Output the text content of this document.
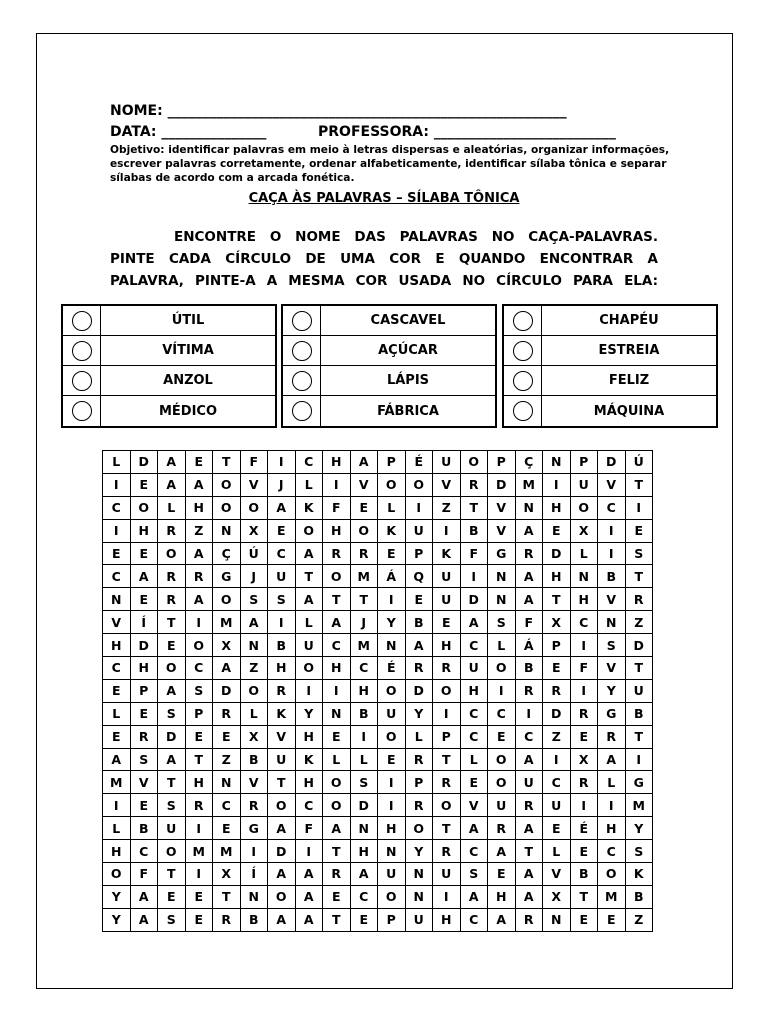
NOME: _________________________________________________________
DATA: _______________	PROFESSORA: __________________________
Objetivo: identificar palavras em meio à letras dispersas e aleatórias, organizar informações, escrever palavras corretamente, ordenar alfabeticamente, identificar sílaba tônica e separar sílabas de acordo com a arcada fonética.
CAÇA ÀS PALAVRAS – SÍLABA TÔNICA
ENCONTRE O NOME DAS PALAVRAS NO CAÇA-PALAVRAS.
PINTE CADA CÍRCULO DE UMA COR E QUANDO ENCONTRAR A
PALAVRA, PINTE-A A MESMA COR USADA NO CÍRCULO PARA ELA:
ÚTIL
VÍTIMA
ANZOL
MÉDICO
CASCAVEL
AÇÚCAR
LÁPIS
FÁBRICA
CHAPÉU
ESTREIA
FELIZ
MÁQUINA
L	D	A	E	T	F	I	C	H	A	P	É	U	O	P	Ç	N	P	D	Ú
I	E	A	A	O	V	J	L	I	V	O	O	V	R	D	M	I	U	V	T
C	O	L	H	O	O	A	K	F	E	L	I	Z	T	V	N	H	O	C	I
I	H	R	Z	N	X	E	O	H	O	K	U	I	B	V	A	E	X	I	E
E	E	O	A	Ç	Ú	C	A	R	R	E	P	K	F	G	R	D	L	I	S
C	A	R	R	G	J	U	T	O	M	Á	Q	U	I	N	A	H	N	B	T
N	E	R	A	O	S	S	A	T	T	I	E	U	D	N	A	T	H	V	R
V	Í	T	I	M	A	I	L	A	J	Y	B	E	A	S	F	X	C	N	Z
H	D	E	O	X	N	B	U	C	M	N	A	H	C	L	Á	P	I	S	D
C	H	O	C	A	Z	H	O	H	C	É	R	R	U	O	B	E	F	V	T
E	P	A	S	D	O	R	I	I	H	O	D	O	H	I	R	R	I	Y	U
L	E	S	P	R	L	K	Y	N	B	U	Y	I	C	C	I	D	R	G	B
E	R	D	E	E	X	V	H	E	I	O	L	P	C	E	C	Z	E	R	T
A	S	A	T	Z	B	U	K	L	L	E	R	T	L	O	A	I	X	A	I
M	V	T	H	N	V	T	H	O	S	I	P	R	E	O	U	C	R	L	G
I	E	S	R	C	R	O	C	O	D	I	R	O	V	U	R	U	I	I	M
L	B	U	I	E	G	A	F	A	N	H	O	T	A	R	A	E	É	H	Y
H	C	O	M	M	I	D	I	T	H	N	Y	R	C	A	T	L	E	C	S
O	F	T	I	X	Í	A	A	R	A	U	N	U	S	E	A	V	B	O	K
Y	A	E	E	T	N	O	A	E	C	O	N	I	A	H	A	X	T	M	B
Y	A	S	E	R	B	A	A	T	E	P	U	H	C	A	R	N	E	E	Z
